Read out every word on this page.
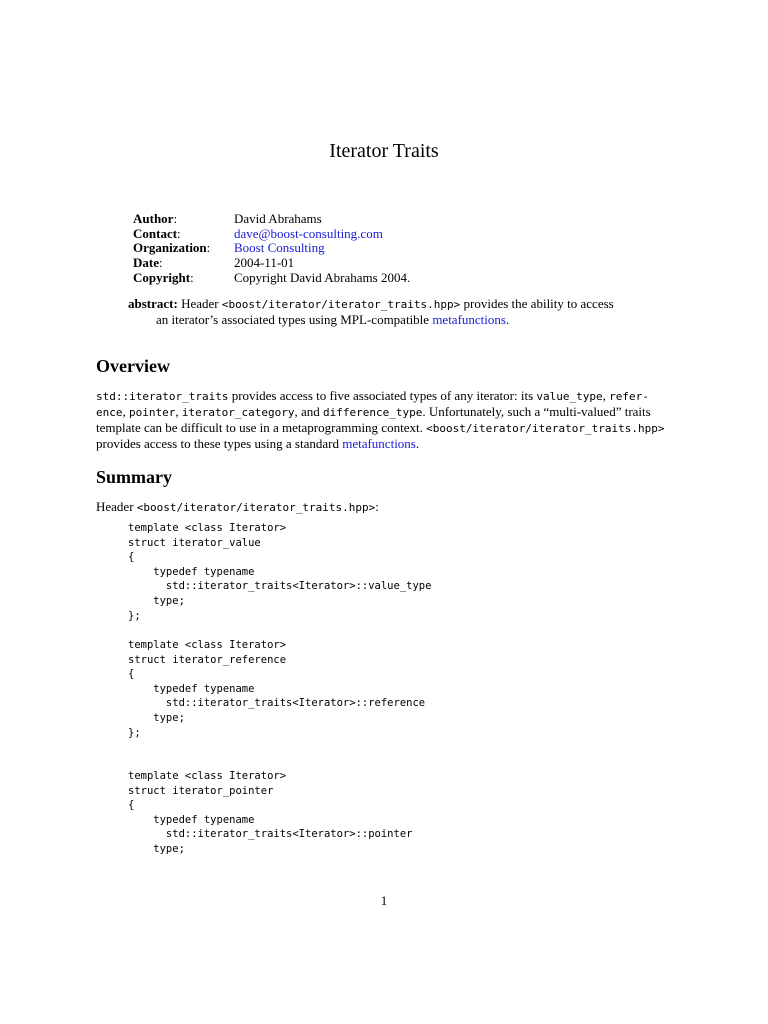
Iterator Traits
Author:	David Abrahams
Contact:	dave@boost-consulting.com
Organization:	Boost Consulting
Date:	2004-11-01
Copyright:	Copyright David Abrahams 2004.
abstract: Header <boost/iterator/iterator_traits.hpp> provides the ability to access
an iterator’s associated types using MPL-compatible metafunctions.
Overview
std::iterator_traits provides access to five associated types of any iterator: its value_type, refer-
ence, pointer, iterator_category, and difference_type. Unfortunately, such a “multi-valued” traits
template can be difficult to use in a metaprogramming context. <boost/iterator/iterator_traits.hpp>
provides access to these types using a standard metafunctions.
Summary
Header <boost/iterator/iterator_traits.hpp>:
template <class Iterator>
struct iterator_value
{
typedef typename
std::iterator_traits<Iterator>::value_type
type;
};
template <class Iterator>
struct iterator_reference
{
typedef typename
std::iterator_traits<Iterator>::reference
type;
};
template <class Iterator>
struct iterator_pointer
{
typedef typename
std::iterator_traits<Iterator>::pointer
type;
1
